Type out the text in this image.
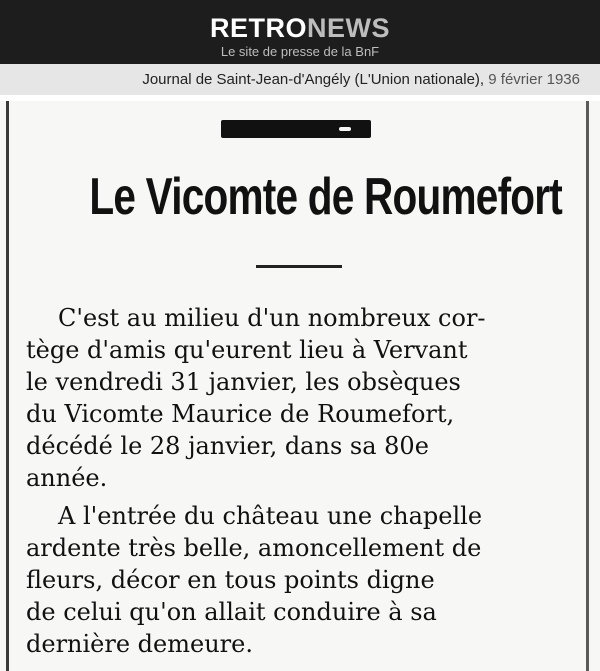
RETRONEWS
Le site de presse de la BnF
Journal de Saint-Jean-d'Angély (L'Union nationale), 9 février 1936
Le Vicomte de Roumefort
C'est au milieu d'un nombreux cor-
tège d'amis qu'eurent lieu à Vervant
le vendredi 31 janvier, les obsèques
du Vicomte Maurice de Roumefort,
décédé le 28 janvier, dans sa 80e
année.
A l'entrée du château une chapelle
ardente très belle, amoncellement de
fleurs, décor en tous points digne
de celui qu'on allait conduire à sa
dernière demeure.
